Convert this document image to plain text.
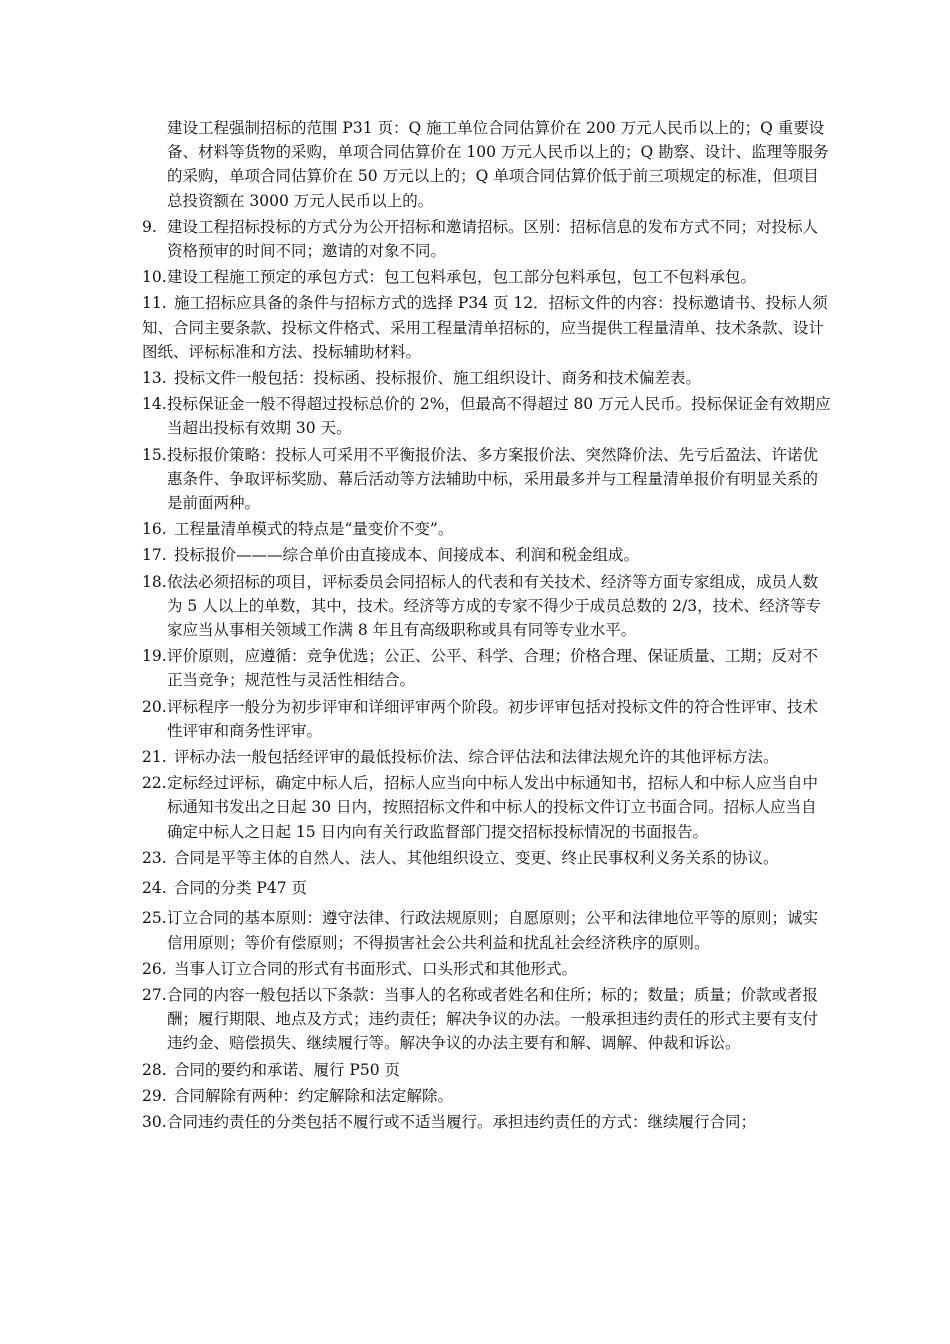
建设工程强制招标的范围 P31 页：Q 施工单位合同估算价在 200 万元人民币以上的；Q 重要设备、材料等货物的采购，单项合同估算价在 100 万元人民币以上的；Q 勘察、设计、监理等服务的采购，单项合同估算价在 50 万元以上的；Q 单项合同估算价低于前三项规定的标准，但项目总投资额在 3000 万元人民币以上的。

9. 建设工程招标投标的方式分为公开招标和邀请招标。区别：招标信息的发布方式不同；对投标人资格预审的时间不同；邀请的对象不同。

10.建设工程施工预定的承包方式：包工包料承包，包工部分包料承包，包工不包料承包。

11. 施工招标应具备的条件与招标方式的选择 P34 页 12．招标文件的内容：投标邀请书、投标人须知、合同主要条款、投标文件格式、采用工程量清单招标的，应当提供工程量清单、技术条款、设计图纸、评标标准和方法、投标辅助材料。

13. 投标文件一般包括：投标函、投标报价、施工组织设计、商务和技术偏差表。

14.投标保证金一般不得超过投标总价的 2%，但最高不得超过 80 万元人民币。投标保证金有效期应当超出投标有效期 30 天。

15.投标报价策略：投标人可采用不平衡报价法、多方案报价法、突然降价法、先亏后盈法、许诺优惠条件、争取评标奖励、幕后活动等方法辅助中标，采用最多并与工程量清单报价有明显关系的是前面两种。

16. 工程量清单模式的特点是“量变价不变”。

17. 投标报价———综合单价由直接成本、间接成本、利润和税金组成。

18.依法必须招标的项目，评标委员会同招标人的代表和有关技术、经济等方面专家组成，成员人数为 5 人以上的单数，其中，技术。经济等方成的专家不得少于成员总数的 2/3，技术、经济等专家应当从事相关领域工作满 8 年且有高级职称或具有同等专业水平。

19.评价原则，应遵循：竞争优选；公正、公平、科学、合理；价格合理、保证质量、工期；反对不正当竞争；规范性与灵活性相结合。

20.评标程序一般分为初步评审和详细评审两个阶段。初步评审包括对投标文件的符合性评审、技术性评审和商务性评审。

21. 评标办法一般包括经评审的最低投标价法、综合评估法和法律法规允许的其他评标方法。

22.定标经过评标，确定中标人后，招标人应当向中标人发出中标通知书，招标人和中标人应当自中标通知书发出之日起 30 日内，按照招标文件和中标人的投标文件订立书面合同。招标人应当自确定中标人之日起 15 日内向有关行政监督部门提交招标投标情况的书面报告。

23. 合同是平等主体的自然人、法人、其他组织设立、变更、终止民事权利义务关系的协议。

24. 合同的分类 P47 页

25.订立合同的基本原则：遵守法律、行政法规原则；自愿原则；公平和法律地位平等的原则；诚实信用原则；等价有偿原则；不得损害社会公共利益和扰乱社会经济秩序的原则。

26. 当事人订立合同的形式有书面形式、口头形式和其他形式。

27.合同的内容一般包括以下条款：当事人的名称或者姓名和住所；标的；数量；质量；价款或者报酬；履行期限、地点及方式；违约责任；解决争议的办法。一般承担违约责任的形式主要有支付违约金、赔偿损失、继续履行等。解决争议的办法主要有和解、调解、仲裁和诉讼。

28. 合同的要约和承诺、履行 P50 页

29. 合同解除有两种：约定解除和法定解除。

30.合同违约责任的分类包括不履行或不适当履行。承担违约责任的方式：继续履行合同；
